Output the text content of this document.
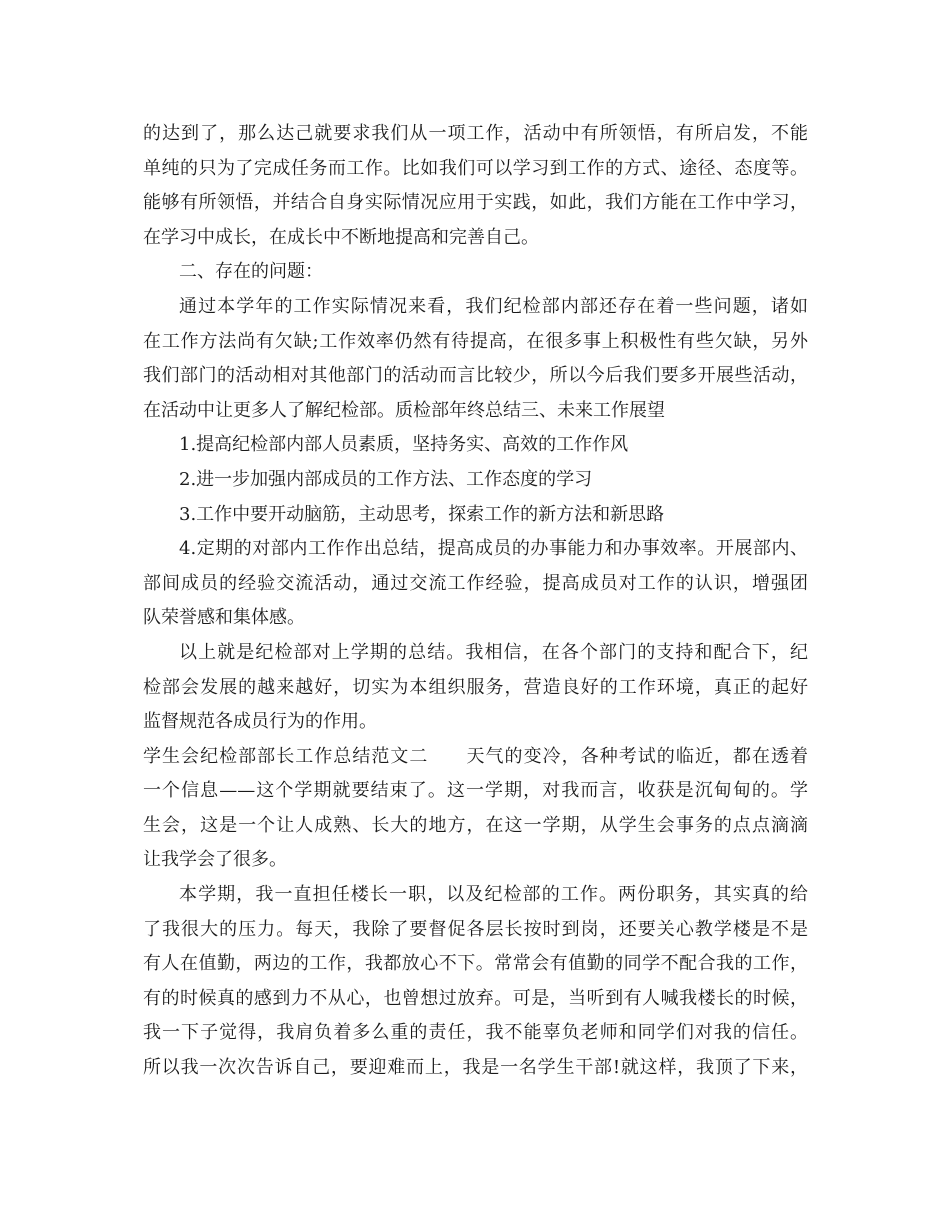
的达到了，那么达己就要求我们从一项工作，活动中有所领悟，有所启发，不能
单纯的只为了完成任务而工作。比如我们可以学习到工作的方式、途径、态度等。
能够有所领悟，并结合自身实际情况应用于实践，如此，我们方能在工作中学习，
在学习中成长，在成长中不断地提高和完善自己。
二、存在的问题：
通过本学年的工作实际情况来看，我们纪检部内部还存在着一些问题，诸如
在工作方法尚有欠缺;工作效率仍然有待提高，在很多事上积极性有些欠缺，另外
我们部门的活动相对其他部门的活动而言比较少，所以今后我们要多开展些活动，
在活动中让更多人了解纪检部。质检部年终总结三、未来工作展望
1.提高纪检部内部人员素质，坚持务实、高效的工作作风
2.进一步加强内部成员的工作方法、工作态度的学习
3.工作中要开动脑筋，主动思考，探索工作的新方法和新思路
4.定期的对部内工作作出总结，提高成员的办事能力和办事效率。开展部内、
部间成员的经验交流活动，通过交流工作经验，提高成员对工作的认识，增强团
队荣誉感和集体感。
以上就是纪检部对上学期的总结。我相信，在各个部门的支持和配合下，纪
检部会发展的越来越好，切实为本组织服务，营造良好的工作环境，真正的起好
监督规范各成员行为的作用。
学生会纪检部部长工作总结范文二　　天气的变冷，各种考试的临近，都在透着
一个信息——这个学期就要结束了。这一学期，对我而言，收获是沉甸甸的。学
生会，这是一个让人成熟、长大的地方，在这一学期，从学生会事务的点点滴滴
让我学会了很多。
本学期，我一直担任楼长一职，以及纪检部的工作。两份职务，其实真的给
了我很大的压力。每天，我除了要督促各层长按时到岗，还要关心教学楼是不是
有人在值勤，两边的工作，我都放心不下。常常会有值勤的同学不配合我的工作，
有的时候真的感到力不从心，也曾想过放弃。可是，当听到有人喊我楼长的时候，
我一下子觉得，我肩负着多么重的责任，我不能辜负老师和同学们对我的信任。
所以我一次次告诉自己，要迎难而上，我是一名学生干部!就这样，我顶了下来，
